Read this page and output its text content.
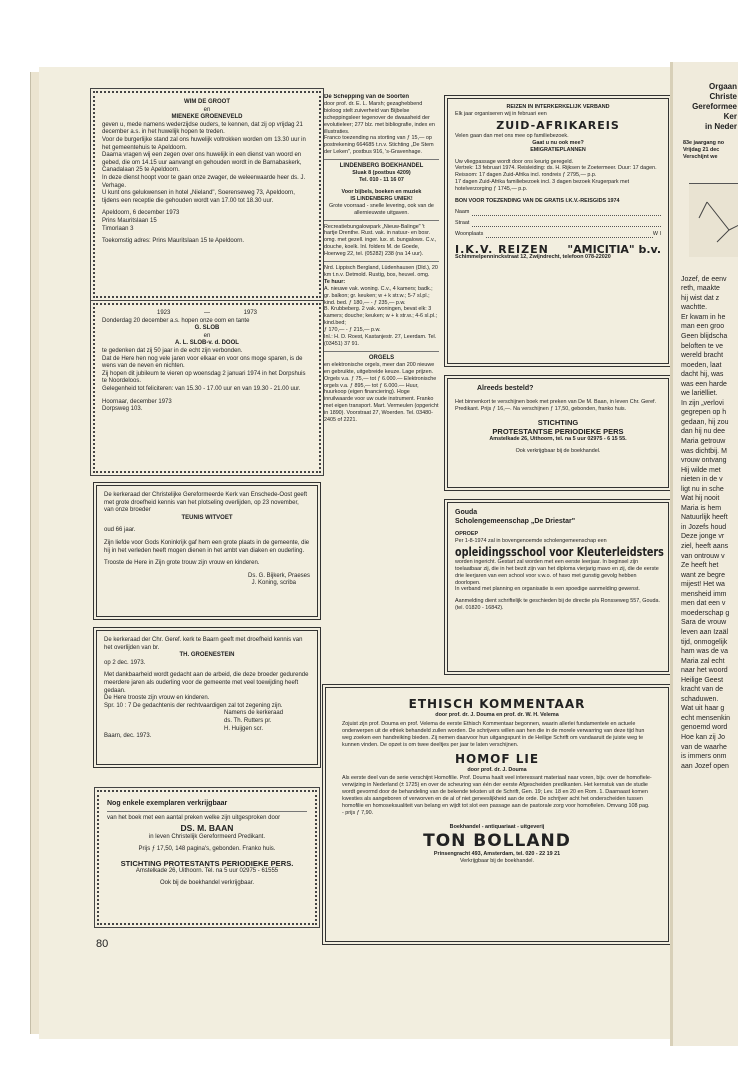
WIM DE GROOT

en

MIENEKE GROENEVELD

geven u, mede namens wederzijdse ouders, te kennen, dat zij op vrijdag 21 december a.s. in het huwelijk hopen te treden.

Voor de burgerlijke stand zal ons huwelijk voltrokken worden om 13.30 uur in het gemeentehuis te Apeldoorn.

Daarna vragen wij een zegen over ons huwelijk in een dienst van woord en gebed, die om 14.15 uur aanvangt en gehouden wordt in de Barnabaskerk, Canadalaan 25 te Apeldoorn.

In deze dienst hoopt voor te gaan onze zwager, de weleerwaarde heer ds. J. Verhage.

U kunt ons gelukwensen in hotel „Nieland", Soerenseweg 73, Apeldoorn, tijdens een receptie die gehouden wordt van 17.00 tot 18.30 uur.

Apeldoorn, 6 december 1973

Prins Mauritslaan 15

Timorlaan 3

Toekomstig adres: Prins Mauritslaan 15 te Apeldoorn.

1923	—	1973

Donderdag 20 december a.s. hopen onze oom en tante

G. SLOB

en

A. L. SLOB-v. d. DOOL

te gedenken dat zij 50 jaar in de echt zijn verbonden.

Dat de Here hen nog vele jaren voor elkaar en voor ons moge sparen, is de wens van de neven en nichten.

Zij hopen dit jubileum te vieren op woensdag 2 januari 1974 in het Dorpshuis te Noordeloos.

Gelegenheid tot feliciteren: van 15.30 - 17.00 uur en van 19.30 - 21.00 uur.

Hoornaar, december 1973

Dorpsweg 103.

De kerkeraad der Christelijke Gereformeerde Kerk van Enschede-Oost geeft met grote droefheid kennis van het plotseling overlijden, op 23 november, van onze broeder

TEUNIS WITVOET

oud 66 jaar.

Zijn liefde voor Gods Koninkrijk gaf hem een grote plaats in de gemeente, die hij in het verleden heeft mogen dienen in het ambt van diaken en ouderling.

Trooste de Here in Zijn grote trouw zijn vrouw en kinderen.

Ds. G. Bijkerk, Praeses

J. Koning, scriba

De kerkeraad der Chr. Geref. kerk te Baarn geeft met droefheid kennis van het overlijden van br.

TH. GROENESTEIN

op 2 dec. 1973.

Met dankbaarheid wordt gedacht aan de arbeid, die deze broeder gedurende meerdere jaren als ouderling voor de gemeente met veel toewijding heeft gedaan.

De Here trooste zijn vrouw en kinderen.

Spr. 10 : 7 De gedachtenis der rechtvaardigen zal tot zegening zijn.

Namens de kerkeraad

ds. Th. Rutters pr.

H. Huijgen scr.

Baarn, dec. 1973.

Nog enkele exemplaren verkrijgbaar

van het boek met een aantal preken welke zijn uitgesproken door

DS. M. BAAN

in leven Christelijk Gereformeerd Predikant.

Prijs ƒ 17,50, 148 pagina's, gebonden. Franko huis.

STICHTING PROTESTANTS PERIODIEKE PERS.

Amstelkade 26, Uithoorn. Tel. na 5 uur 02975 - 61555

Ook bij de boekhandel verkrijgbaar.

80

De Schepping van de Soorten

door prof. dr. E. L. Marsh; gezaghebbend bioloog stelt zuiverheid van Bijbelse scheppingsleer tegenover de dwaasheid der evolutieleer; 277 blz. met bibliografie, index en illustraties.

Franco toezending na storting van ƒ 15,— op postrekening 664685 t.n.v. Stichting „De Stem der Leken", postbus 916, 's-Gravenhage.

LINDENBERG BOEKHANDEL

Sluak 8 (postbus 4209)

Tel. 010 - 11 16 07

Voor bijbels, boeken en muziek

IS LINDENBERG UNIEK!

Grote voorraad - snelle levering, ook van de allernieuwste uitgaven.

Recreatiebungalowpark „Nieuw-Balinge" 't hartje Drenthe. Rust. vak. in natuur- en bosr. omg. met gezell. inger. lux. st. bungalows. C.v., douche, koelk. Inl. folders M. de Goede, Hoerweg 22, tel. (05282) 238 (na 14 uur).

Nrd. Lippisch Bergland, Lüdenhausen (Dld.), 20 km t.n.v. Detmold. Rustig, bos, heuvel. omg.

Te huur:

A. nieuwe vak. woning. C.v., 4 kamers; badk.; gr. balkon; gr. keuken; w + k str.w.; 5-7 sl.pl.; kind. bed. ƒ 180,— - ƒ 235,— p.w.

B. Krubbeberg. 2 vak. woningen, bevat elk: 3 kamers; douche; keuken; w + k str.w.; 4-6 sl.pl.; kind.bed;

ƒ 170,— - ƒ 215,— p.w.

Inl.: H. D. Roest, Kastanjestr. 27, Leerdam. Tel. (03451) 37 91.

ORGELS

en elektronische orgels, meer dan 200 nieuwe en gebruikte, uitgebreide keuze. Lage prijzen. Orgels v.a. ƒ 75,— tot ƒ 6.000.— Elektronische orgels v.a. ƒ 895,— tot ƒ 6.000.— Huur, huurkoop (eigen financiering). Hoge inruilwaarde voor uw oude instrument. Franko met eigen transport. Mart. Vermeulen (opgericht in 1890). Voorstraat 27, Woerden. Tel. 03480-2405 of 2221.

REIZEN IN INTERKERKELIJK VERBAND

Elk jaar organiseren wij in februari een

ZUID-AFRIKAREIS

Velen gaan dan met ons mee op familiebezoek.

Gaat u nu ook mee?

EMIGRATIEPLANNEN

Uw vliegpassage wordt door ons keurig geregeld.

Vertrek: 13 februari 1974. Reisleiding: ds. H. Rijksen te Zoetermeer. Duur: 17 dagen.

Reissom: 17 dagen Zuid-Afrika incl. rondreis ƒ 2795,— p.p.

17 dagen Zuid-Afrika familiebezoek incl. 3 dagen bezoek Krugerpark met hotelverzorging ƒ 1745,— p.p.

BON VOOR TOEZENDING VAN DE GRATIS I.K.V.-REISGIDS 1974

Naam
Straat
Woonplaats	W I
I.K.V. REIZEN "AMICITIA" b.v.

Schimmelpenninckstraat 12, Zwijndrecht, telefoon 078-22020

Alreeds besteld?

Het binnenkort te verschijnen boek met preken van De M. Baan, in leven Chr. Geref. Predikant. Prijs ƒ 16,—. Na verschijnen ƒ 17,50, gebonden, franko huis.

STICHTING

PROTESTANTSE PERIODIEKE PERS

Amstelkade 26, Uithoorn, tel. na 5 uur 02975 - 6 15 55.

Ook verkrijgbaar bij de boekhandel.

Gouda

Scholengemeenschap „De Driestar"

OPROEP

Per 1-8-1974 zal in bovengenoemde scholengemeenschap een

opleidingsschool voor Kleuterleidsters

worden ingericht. Gestart zal worden met een eerste leerjaar. In beginsel zijn toelaatbaar zij, die in het bezit zijn van het diploma vierjarig mavo en zij, die de eerste drie leerjaren van een school voor v.w.o. of havo met gunstig gevolg hebben doorlopen.

In verband met planning en organisatie is een spoedige aanmelding gewenst.

Aanmelding dient schriftelijk te geschieden bij de directie p/a Ronsseweg 557, Gouda. (tel. 01820 - 16842).

ETHISCH KOMMENTAAR

door prof. dr. J. Douma en prof. dr. W. H. Velema

Zojuist zijn prof. Douma en prof. Velema de eerste Ethisch Kommentaar begonnen, waarin allerlei fundamentele en actuele onderwerpen uit de ethiek behandeld zullen worden. De schrijvers willen aan hen die in de morele verwarring van deze tijd hun weg zoeken een handreiking bieden. Zij nemen daarvoor hun uitgangspunt in de Heilige Schrift om vandaaruit de juiste weg te kunnen vinden. De opzet is om twee deeltjes per jaar te laten verschijnen.

HOMOF LIE

door prof. dr. J. Douma

Als eerste deel van de serie verschijnt Homofilie. Prof. Douma haalt veel interessant materiaal naar voren, bijv. over de homofiele-verwijzing in Nederland (± 1725) en over de scheuring van één der eerste Afgescheiden predikanten. Het kernstuk van de studie wordt gevormd door de behandeling van de bekende teksten uit de Schrift, Gen. 19; Lev. 18 en 20 en Rom. 1. Daarnaast komen kwesties als aangeboren of verworven en de al of niet geneeslijkheid aan de orde. De schrijver acht het onderscheiden tussen homofilie en homoseksualiteit van belang en wijdt tot slot een passage aan de pastorale zorg voor homofielen. Omvang 108 pag. - prijs ƒ 7,90.

Boekhandel - antiquariaat - uitgeverij

TON BOLLAND

Prinsengracht 493, Amsterdam, tel. 020 - 22 19 21

Verkrijgbaar bij de boekhandel.

Orgaan

Christe

Gereformee

Ker

in Neder

83e jaargang no

Vrijdag 21 dec

Verschijnt we

Jozef, de eenv

reth, maakte

hij wist dat z

wachtte.

Er kwam in he

man een groo

Geen blijdscha

beloften te ve

wereld bracht

moeden, laat

dacht hij, was

was een harde

we lariëlliet.

In zijn „verlovi

gegrepen op h

gedaan, hij zou

dan hij nu dee

Maria getrouw

was dichtbij. M

vrouw ontvang

Hij wilde met

nieten in de v

ligt nu in sche

Wat hij nooit

Maria is hem

Natuurlijk heeft

in Jozefs houd

Deze jonge vr

ziel, heeft aans

van ontrouw v

Ze heeft het

want ze begre

mijest! Het wa

mensheid imm

men dat een v

moederschap g

Sara de vrouw

leven aan Izaäl

tijd, onmogelijk

ham was de va

Maria zal echt

naar het woord

Heilige Geest

kracht van de

schaduwen.

Wat uit haar g

echt mensenkin

genoemd word

Hoe kan zij Jo

van de waarhe

is immers onm

aan Jozef open
